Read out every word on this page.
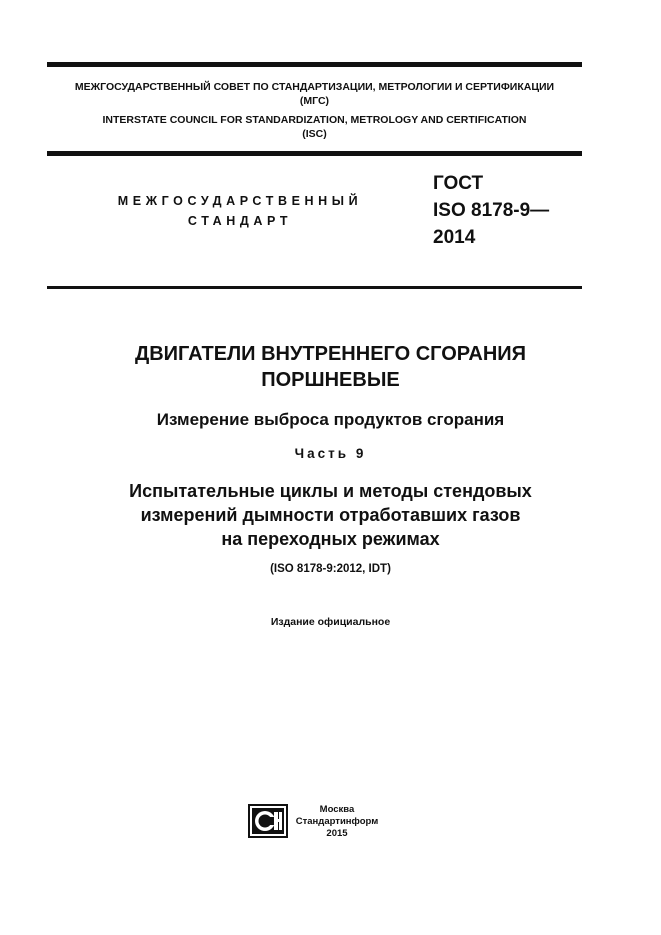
МЕЖГОСУДАРСТВЕННЫЙ СОВЕТ ПО СТАНДАРТИЗАЦИИ, МЕТРОЛОГИИ И СЕРТИФИКАЦИИ
(МГС)
INTERSTATE COUNCIL FOR STANDARDIZATION, METROLOGY AND CERTIFICATION
(ISC)
МЕЖГОСУДАРСТВЕННЫЙ
СТАНДАРТ
ГОСТ
ISO 8178-9—
2014
ДВИГАТЕЛИ ВНУТРЕННЕГО СГОРАНИЯ
ПОРШНЕВЫЕ
Измерение выброса продуктов сгорания
Часть 9
Испытательные циклы и методы стендовых
измерений дымности отработавших газов
на переходных режимах
(ISO 8178-9:2012, IDT)
Издание официальное
Москва
Стандартинформ
2015
